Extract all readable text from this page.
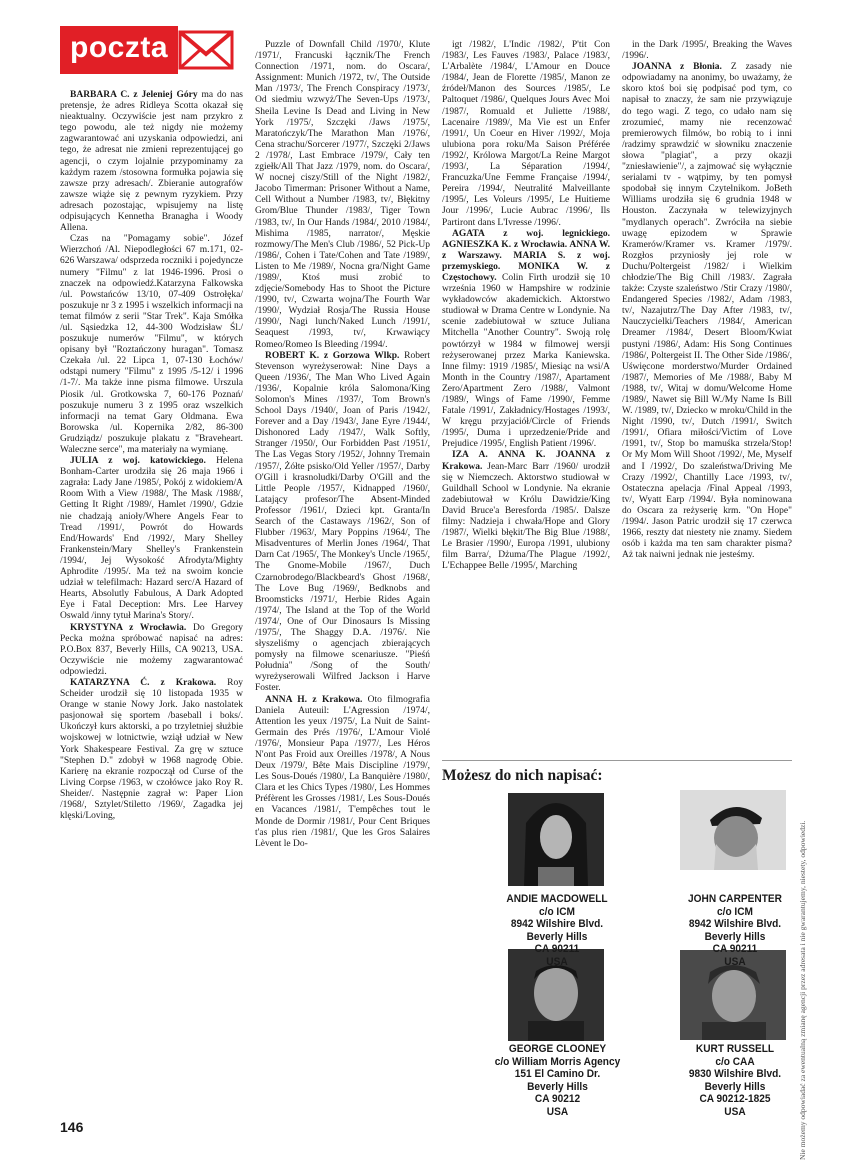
poczta

BARBARA C. z Jeleniej Góry ma do nas pretensje, że adres Ridleya Scotta okazał się nieaktualny. Oczywiście jest nam przykro z tego powodu, ale też nigdy nie możemy zagwarantować ani uzyskania odpowiedzi, ani tego, że adresat nie zmieni reprezentującej go agencji, o czym lojalnie przypominamy za każdym razem /stosowna formułka pojawia się zawsze przy adresach/. Zbieranie autografów zawsze wiąże się z pewnym ryzykiem. Przy adresach pozostając, wpisujemy na listę odpisujących Kennetha Branagha i Woody Allena.

Czas na "Pomagamy sobie". Józef Wierzchoń /Al. Niepodległości 67 m.171, 02-626 Warszawa/ odsprzeda roczniki i pojedyncze numery "Filmu" z lat 1946-1996. Prosi o znaczek na odpowiedź.Katarzyna Falkowska /ul. Powstańców 13/10, 07-409 Ostrołęka/ poszukuje nr 3 z 1995 i wszelkich informacji na temat filmów z serii "Star Trek". Kaja Smółka /ul. Sąsiedzka 12, 44-300 Wodzisław Śl./ poszukuje numerów "Filmu", w których opisany był "Roztańczony huragan". Tomasz Czekała /ul. 22 Lipca 1, 07-130 Łochów/ odstąpi numery "Filmu" z 1995 /5-12/ i 1996 /1-7/. Ma także inne pisma filmowe. Urszula Piosik /ul. Grotkowska 7, 60-176 Poznań/ poszukuje numeru 3 z 1995 oraz wszelkich informacji na temat Gary Oldmana. Ewa Borowska /ul. Kopernika 2/82, 86-300 Grudziądz/ poszukuje plakatu z "Braveheart. Waleczne serce", ma materiały na wymianę.

JULIA z woj. katowickiego. Helena Bonham-Carter urodziła się 26 maja 1966 i zagrała: Lady Jane /1985/, Pokój z widokiem/A Room With a View /1988/, The Mask /1988/, Getting It Right /1989/, Hamlet /1990/, Gdzie nie chadzają anioły/Where Angels Fear to Tread /1991/, Powrót do Howards End/Howards' End /1992/, Mary Shelley Frankenstein/Mary Shelley's Frankenstein /1994/, Jej Wysokość Afrodyta/Mighty Aphrodite /1995/. Ma też na swoim koncie udział w telefilmach: Hazard serc/A Hazard of Hearts, Absolutly Fabulous, A Dark Adopted Eye i Fatal Deception: Mrs. Lee Harvey Oswald /inny tytuł Marina's Story/.

KRYSTYNA z Wrocławia. Do Gregory Pecka można spróbować napisać na adres: P.O.Box 837, Beverly Hills, CA 90213, USA. Oczywiście nie możemy zagwarantować odpowiedzi.

KATARZYNA Ć. z Krakowa. Roy Scheider urodził się 10 listopada 1935 w Orange w stanie Nowy Jork. Jako nastolatek pasjonował się sportem /baseball i boks/. Ukończył kurs aktorski, a po trzyletniej służbie wojskowej w lotnictwie, wziął udział w New York Shakespeare Festival. Za grę w sztuce "Stephen D." zdobył w 1968 nagrodę Obie. Karierę na ekranie rozpoczął od Curse of the Living Corpse /1963, w czołówce jako Roy R. Sheider/. Następnie zagrał w: Paper Lion /1968/, Sztylet/Stiletto /1969/, Zagadka jej klęski/Loving,

Puzzle of Downfall Child /1970/, Klute /1971/, Francuski łącznik/The French Connection /1971, nom. do Oscara/, Assignment: Munich /1972, tv/, The Outside Man /1973/, The French Conspiracy /1973/, Od siedmiu wzwyż/The Seven-Ups /1973/, Sheila Levine Is Dead and Living in New York /1975/, Szczęki /Jaws /1975/, Maratończyk/The Marathon Man /1976/, Cena strachu/Sorcerer /1977/, Szczęki 2/Jaws 2 /1978/, Last Embrace /1979/, Cały ten zgiełk/All That Jazz /1979, nom. do Oscara/, W nocnej ciszy/Still of the Night /1982/, Jacobo Timerman: Prisoner Without a Name, Cell Without a Number /1983, tv/, Błękitny Grom/Blue Thunder /1983/, Tiger Town /1983, tv/, In Our Hands /1984/, 2010 /1984/, Mishima /1985, narrator/, Męskie rozmowy/The Men's Club /1986/, 52 Pick-Up /1986/, Cohen i Tate/Cohen and Tate /1989/, Listen to Me /1989/, Nocna gra/Night Game /1989/, Ktoś musi zrobić to zdjęcie/Somebody Has to Shoot the Picture /1990, tv/, Czwarta wojna/The Fourth War /1990/, Wydział Rosja/The Russia House /1990/, Nagi lunch/Naked Lunch /1991/, Seaquest /1993, tv/, Krwawiący Romeo/Romeo Is Bleeding /1994/.

ROBERT K. z Gorzowa Wlkp. Robert Stevenson wyreżyserował: Nine Days a Queen /1936/, The Man Who Lived Again /1936/, Kopalnie króla Salomona/King Solomon's Mines /1937/, Tom Brown's School Days /1940/, Joan of Paris /1942/, Forever and a Day /1943/, Jane Eyre /1944/, Dishonored Lady /1947/, Walk Softly, Stranger /1950/, Our Forbidden Past /1951/, The Las Vegas Story /1952/, Johnny Tremain /1957/, Żółte psisko/Old Yeller /1957/, Darby O'Gill i krasnoludki/Darby O'Gill and the Little People /1957/, Kidnapped /1960/, Latający profesor/The Absent-Minded Professor /1961/, Dzieci kpt. Granta/In Search of the Castaways /1962/, Son of Flubber /1963/, Mary Poppins /1964/, The Misadventures of Merlin Jones /1964/, That Darn Cat /1965/, The Monkey's Uncle /1965/, The Gnome-Mobile /1967/, Duch Czarnobrodego/Blackbeard's Ghost /1968/, The Love Bug /1969/, Bedknobs and Broomsticks /1971/, Herbie Rides Again /1974/, The Island at the Top of the World /1974/, One of Our Dinosaurs Is Missing /1975/, The Shaggy D.A. /1976/. Nie słyszeliśmy o agencjach zbierających pomysły na filmowe scenariusze. "Pieśń Południa" /Song of the South/ wyreżyserowali Wilfred Jackson i Harve Foster.

ANNA H. z Krakowa. Oto filmografia Daniela Auteuil: L'Agression /1974/, Attention les yeux /1975/, La Nuit de Saint-Germain des Prés /1976/, L'Amour Violé /1976/, Monsieur Papa /1977/, Les Héros N'ont Pas Froid aux Oreilles /1978/, A Nous Deux /1979/, Bête Mais Discipline /1979/, Les Sous-Doués /1980/, La Banquière /1980/, Clara et les Chics Types /1980/, Les Hommes Préfèrent les Grosses /1981/, Les Sous-Doués en Vacances /1981/, T'empêches tout le Monde de Dormir /1981/, Pour Cent Briques t'as plus rien /1981/, Que les Gros Salaires Lèvent le Do-

igt /1982/, L'Indic /1982/, P'tit Con /1983/, Les Fauves /1983/, Palace /1983/, L'Arbalète /1984/, L'Amour en Douce /1984/, Jean de Florette /1985/, Manon ze źródeł/Manon des Sources /1985/, Le Paltoquet /1986/, Quelques Jours Avec Moi /1987/, Romuald et Juliette /1988/, Lacenaire /1989/, Ma Vie est un Enfer /1991/, Un Coeur en Hiver /1992/, Moja ulubiona pora roku/Ma Saison Préférée /1992/, Królowa Margot/La Reine Margot /1993/, La Séparation /1994/, Francuzka/Une Femme Française /1994/, Pereira /1994/, Neutralité Malveillante /1995/, Les Voleurs /1995/, Le Huitieme Jour /1996/, Lucie Aubrac /1996/, Ils Partiront dans L'Ivresse /1996/.

AGATA z woj. legnickiego. AGNIESZKA K. z Wrocławia. ANNA W. z Warszawy. MARIA S. z woj. przemyskiego. MONIKA W. z Częstochowy. Colin Firth urodził się 10 września 1960 w Hampshire w rodzinie wykładowców akademickich. Aktorstwo studiował w Drama Centre w Londynie. Na scenie zadebiutował w sztuce Juliana Mitchella "Another Country". Swoją rolę powtórzył w 1984 w filmowej wersji reżyserowanej przez Marka Kaniewska. Inne filmy: 1919 /1985/, Miesiąc na wsi/A Month in the Country /1987/, Apartament Zero/Apartment Zero /1988/, Valmont /1989/, Wings of Fame /1990/, Femme Fatale /1991/, Zakładnicy/Hostages /1993/, W kręgu przyjaciół/Circle of Friends /1995/, Duma i uprzedzenie/Pride and Prejudice /1995/, English Patient /1996/.

IZA A. ANNA K. JOANNA z Krakowa. Jean-Marc Barr /1960/ urodził się w Niemczech. Aktorstwo studiował w Guildhall School w Londynie. Na ekranie zadebiutował w Królu Dawidzie/King David Bruce'a Beresforda /1985/. Dalsze filmy: Nadzieja i chwała/Hope and Glory /1987/, Wielki błękit/The Big Blue /1988/, Le Brasier /1990/, Europa /1991, ulubiony film Barra/, Dżuma/The Plague /1992/, L'Echappee Belle /1995/, Marching

in the Dark /1995/, Breaking the Waves /1996/.

JOANNA z Błonia. Z zasady nie odpowiadamy na anonimy, bo uważamy, że skoro ktoś boi się podpisać pod tym, co napisał to znaczy, że sam nie przywiązuje do tego wagi. Z tego, co udało nam się zrozumieć, mamy nie recenzować premierowych filmów, bo robią to i inni /radzimy sprawdzić w słowniku znaczenie słowa "plagiat", a przy okazji "zniesławienie"/, a zajmować się wyłącznie serialami tv - wątpimy, by ten pomysł spodobał się innym Czytelnikom. JoBeth Williams urodziła się 6 grudnia 1948 w Houston. Zaczynała w telewizyjnych "mydlanych operach". Zwróciła na siebie uwagę epizodem w Sprawie Kramerów/Kramer vs. Kramer /1979/. Rozgłos przyniosły jej role w Duchu/Poltergeist /1982/ i Wielkim chłodzie/The Big Chill /1983/. Zagrała także: Czyste szaleństwo /Stir Crazy /1980/, Endangered Species /1982/, Adam /1983, tv/, Nazajutrz/The Day After /1983, tv/, Nauczycielki/Teachers /1984/, American Dreamer /1984/, Desert Bloom/Kwiat pustyni /1986/, Adam: His Song Continues /1986/, Poltergeist II. The Other Side /1986/, Uświęcone morderstwo/Murder Ordained /1987/, Memories of Me /1988/, Baby M /1988, tv/, Witaj w domu/Welcome Home /1989/, Nawet się Bill W./My Name Is Bill W. /1989, tv/, Dziecko w mroku/Child in the Night /1990, tv/, Dutch /1991/, Switch /1991/, Ofiara miłości/Victim of Love /1991, tv/, Stop bo mamuśka strzela/Stop! Or My Mom Will Shoot /1992/, Me, Myself and I /1992/, Do szaleństwa/Driving Me Crazy /1992/, Chantilly Lace /1993, tv/, Ostateczna apelacja /Final Appeal /1993, tv/, Wyatt Earp /1994/. Była nominowana do Oscara za reżyserię krm. "On Hope" /1994/. Jason Patric urodził się 17 czerwca 1966, reszty dat niestety nie znamy. Siedem osób i każda ma ten sam charakter pisma? Aż tak naiwni jednak nie jesteśmy.

Możesz do nich napisać:
ANDIE MACDOWELL
c/o ICM
8942 Wilshire Blvd.
Beverly Hills
CA 90211
USA
JOHN CARPENTER
c/o ICM
8942 Wilshire Blvd.
Beverly Hills
CA 90211
USA
GEORGE CLOONEY
c/o William Morris Agency
151 El Camino Dr.
Beverly Hills
CA 90212
USA
KURT RUSSELL
c/o CAA
9830 Wilshire Blvd.
Beverly Hills
CA 90212-1825
USA	Nie możemy odpowiadać za ewentualną zmianę agencji przez adresata i nie gwarantujemy, niestety, odpowiedzi.
146
